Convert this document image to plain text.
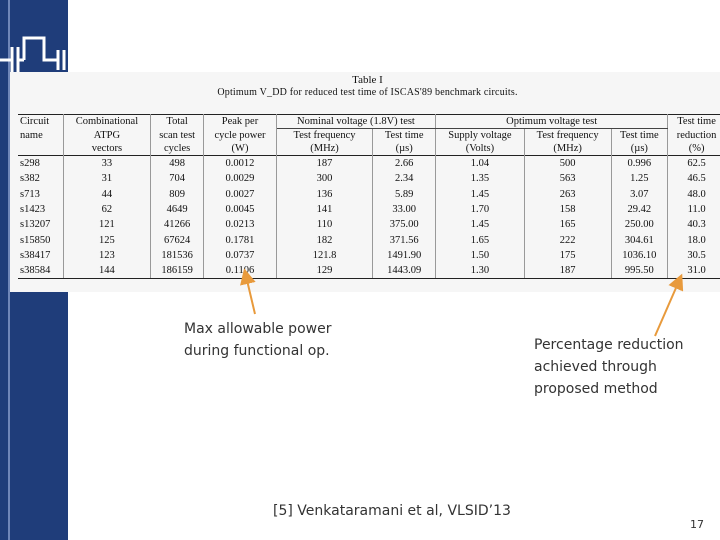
Table I
Optimum V_DD for reduced test time of ISCAS'89 benchmark circuits.
Circuit	Combinational	Total	Peak per	Nominal voltage (1.8V) test		Optimum voltage test			Test time
name	ATPG	scan test	cycle power	Test frequency	Test time	Supply voltage	Test frequency	Test time	reduction
	vectors	cycles	(W)	(MHz)	(µs)	(Volts)	(MHz)	(µs)	(%)
s298	33	498	0.0012	187	2.66	1.04	500	0.996	62.5
s382	31	704	0.0029	300	2.34	1.35	563	1.25	46.5
s713	44	809	0.0027	136	5.89	1.45	263	3.07	48.0
s1423	62	4649	0.0045	141	33.00	1.70	158	29.42	11.0
s13207	121	41266	0.0213	110	375.00	1.45	165	250.00	40.3
s15850	125	67624	0.1781	182	371.56	1.65	222	304.61	18.0
s38417	123	181536	0.0737	121.8	1491.90	1.50	175	1036.10	30.5
s38584	144	186159	0.1106	129	1443.09	1.30	187	995.50	31.0
Max allowable power
during functional op.	Percentage reduction
achieved through
proposed method
[5] Venkataramani et al, VLSID’13
17
